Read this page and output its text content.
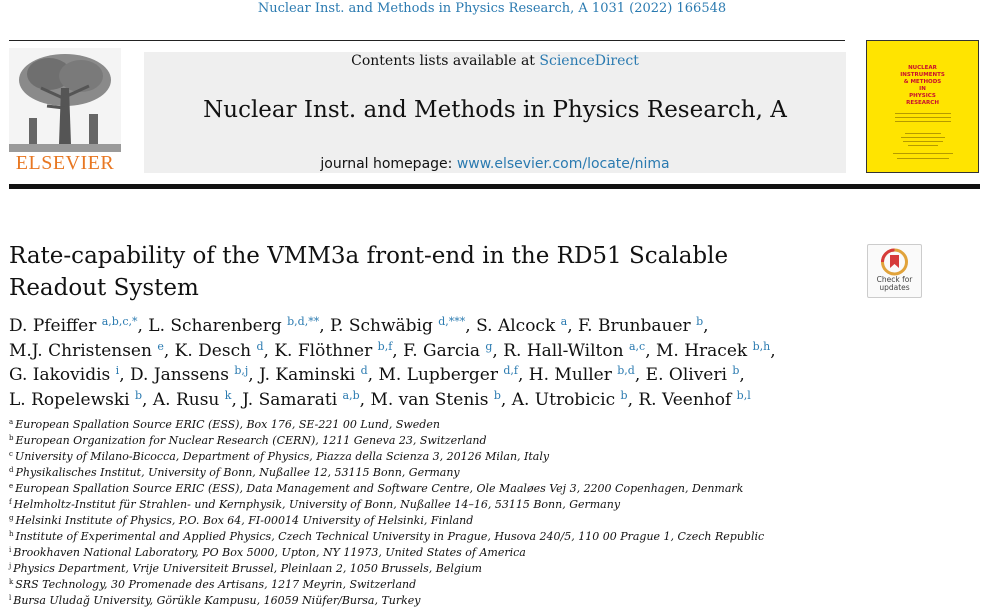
Nuclear Inst. and Methods in Physics Research, A 1031 (2022) 166548
ELSEVIER
Contents lists available at ScienceDirect
Nuclear Inst. and Methods in Physics Research, A
journal homepage: www.elsevier.com/locate/nima
NUCLEAR
INSTRUMENTS
& METHODS
IN
PHYSICS
RESEARCH
Rate-capability of the VMM3a front-end in the RD51 Scalable Readout System	Check for
updates
D. Pfeiffer $^{a,b,c,*}$, L. Scharenberg $^{b,d,**}$, P. Schwäbig $^{d,***}$, S. Alcock $^a$, F. Brunbauer $^b$,
M.J. Christensen $^e$, K. Desch $^d$, K. Flöthner $^{b,f}$, F. Garcia $^g$, R. Hall-Wilton $^{a,c}$, M. Hracek $^{b,h}$,
G. Iakovidis $^i$, D. Janssens $^{b,j}$, J. Kaminski $^d$, M. Lupberger $^{d,f}$, H. Muller $^{b,d}$, E. Oliveri $^b$,
L. Ropelewski $^b$, A. Rusu $^k$, J. Samarati $^{a,b}$, M. van Stenis $^b$, A. Utrobicic $^b$, R. Veenhof $^{b,l}$
$^a$ European Spallation Source ERIC (ESS), Box 176, SE-221 00 Lund, Sweden
$^b$ European Organization for Nuclear Research (CERN), 1211 Geneva 23, Switzerland
$^c$ University of Milano-Bicocca, Department of Physics, Piazza della Scienza 3, 20126 Milan, Italy
$^d$ Physikalisches Institut, University of Bonn, Nußallee 12, 53115 Bonn, Germany
$^e$ European Spallation Source ERIC (ESS), Data Management and Software Centre, Ole Maaløes Vej 3, 2200 Copenhagen, Denmark
$^f$ Helmholtz-Institut für Strahlen- und Kernphysik, University of Bonn, Nußallee 14–16, 53115 Bonn, Germany
$^g$ Helsinki Institute of Physics, P.O. Box 64, FI-00014 University of Helsinki, Finland
$^h$ Institute of Experimental and Applied Physics, Czech Technical University in Prague, Husova 240/5, 110 00 Prague 1, Czech Republic
$^i$ Brookhaven National Laboratory, PO Box 5000, Upton, NY 11973, United States of America
$^j$ Physics Department, Vrije Universiteit Brussel, Pleinlaan 2, 1050 Brussels, Belgium
$^k$ SRS Technology, 30 Promenade des Artisans, 1217 Meyrin, Switzerland
$^l$ Bursa Uludağ University, Görükle Kampusu, 16059 Niüfer/Bursa, Turkey
